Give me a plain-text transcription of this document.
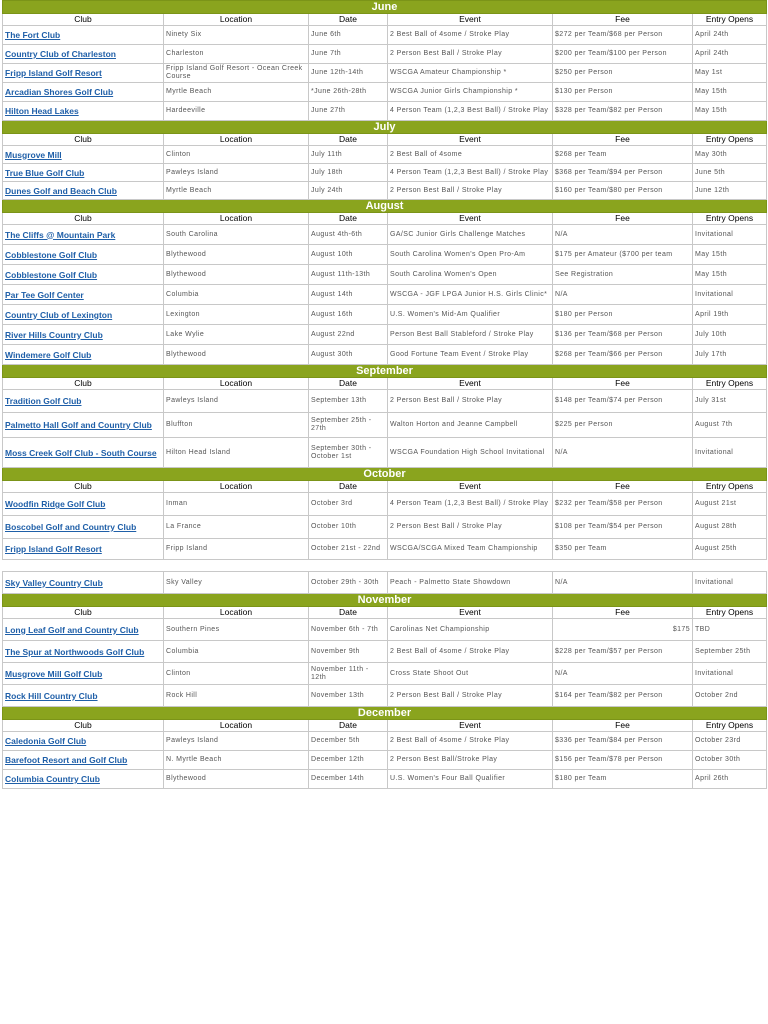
June					
Club	Location	Date	Event	Fee	Entry Opens
The Fort Club	Ninety Six	June 6th	2 Best Ball of 4some / Stroke Play	$272 per Team/$68 per Person	April 24th
Country Club of Charleston	Charleston	June 7th	2 Person Best Ball / Stroke Play	$200 per Team/$100 per Person	April 24th
Fripp Island Golf Resort	Fripp Island Golf Resort - Ocean Creek Course	June 12th-14th	WSCGA Amateur Championship *	$250 per Person	May 1st
Arcadian Shores Golf Club	Myrtle Beach	*June 26th-28th	WSCGA Junior Girls Championship *	$130 per Person	May 15th
Hilton Head Lakes	Hardeeville	June 27th	4 Person Team (1,2,3 Best Ball) / Stroke Play	$328 per Team/$82 per Person	May 15th
July					
Club	Location	Date	Event	Fee	Entry Opens
Musgrove Mill	Clinton	July 11th	2 Best Ball of 4some	$268 per Team	May 30th
True Blue Golf Club	Pawleys Island	July 18th	4 Person Team (1,2,3 Best Ball) / Stroke Play	$368 per Team/$94 per Person	June 5th
Dunes Golf and Beach Club	Myrtle Beach	July 24th	2 Person Best Ball / Stroke Play	$160 per Team/$80 per Person	June 12th
August					
Club	Location	Date	Event	Fee	Entry Opens
The Cliffs @ Mountain Park	South Carolina	August 4th-6th	GA/SC Junior Girls Challenge Matches	N/A	Invitational
Cobblestone Golf Club	Blythewood	August 10th	South Carolina Women's Open Pro-Am	$175 per Amateur ($700 per team	May 15th
Cobblestone Golf Club	Blythewood	August 11th-13th	South Carolina Women's Open	See Registration	May 15th
Par Tee Golf Center	Columbia	August 14th	WSCGA - JGF LPGA Junior H.S. Girls Clinic*	N/A	Invitational
Country Club of Lexington	Lexington	August 16th	U.S. Women's Mid-Am Qualifier	$180 per Person	April 19th
River Hills Country Club	Lake Wylie	August 22nd	Person Best Ball Stableford / Stroke Play	$136 per Team/$68 per Person	July 10th
Windemere Golf Club	Blythewood	August 30th	Good Fortune Team Event / Stroke Play	$268 per Team/$66 per Person	July 17th
September					
Club	Location	Date	Event	Fee	Entry Opens
Tradition Golf Club	Pawleys Island	September 13th	2 Person Best Ball / Stroke Play	$148 per Team/$74 per Person	July 31st
Palmetto Hall Golf and Country Club	Bluffton	September 25th - 27th	Walton Horton and Jeanne Campbell	$225 per Person	August 7th
Moss Creek Golf Club - South Course	Hilton Head Island	September 30th - October 1st	WSCGA Foundation High School Invitational	N/A	Invitational
October					
Club	Location	Date	Event	Fee	Entry Opens
Woodfin Ridge Golf Club	Inman	October 3rd	4 Person Team (1,2,3 Best Ball) / Stroke Play	$232 per Team/$58 per Person	August 21st
Boscobel Golf and Country Club	La France	October 10th	2 Person Best Ball / Stroke Play	$108 per Team/$54 per Person	August 28th
Fripp Island Golf Resort	Fripp Island	October 21st - 22nd	WSCGA/SCGA Mixed Team Championship	$350 per Team	August 25th

Sky Valley Country Club	Sky Valley	October 29th - 30th	Peach - Palmetto State Showdown	N/A	Invitational
November					
Club	Location	Date	Event	Fee	Entry Opens
Long Leaf Golf and Country Club	Southern Pines	November 6th - 7th	Carolinas Net Championship	$175	TBD
The Spur at Northwoods Golf Club	Columbia	November 9th	2 Best Ball of 4some / Stroke Play	$228 per Team/$57 per Person	September 25th
Musgrove Mill Golf Club	Clinton	November 11th - 12th	Cross State Shoot Out	N/A	Invitational
Rock Hill Country Club	Rock Hill	November 13th	2 Person Best Ball / Stroke Play	$164 per Team/$82 per Person	October 2nd
December					
Club	Location	Date	Event	Fee	Entry Opens
Caledonia Golf Club	Pawleys Island	December 5th	2 Best Ball of 4some / Stroke Play	$336 per Team/$84 per Person	October 23rd
Barefoot Resort and Golf Club	N. Myrtle Beach	December 12th	2 Person Best Ball/Stroke Play	$156 per Team/$78 per Person	October 30th
Columbia Country Club	Blythewood	December 14th	U.S. Women's Four Ball Qualifier	$180 per Team	April 26th
